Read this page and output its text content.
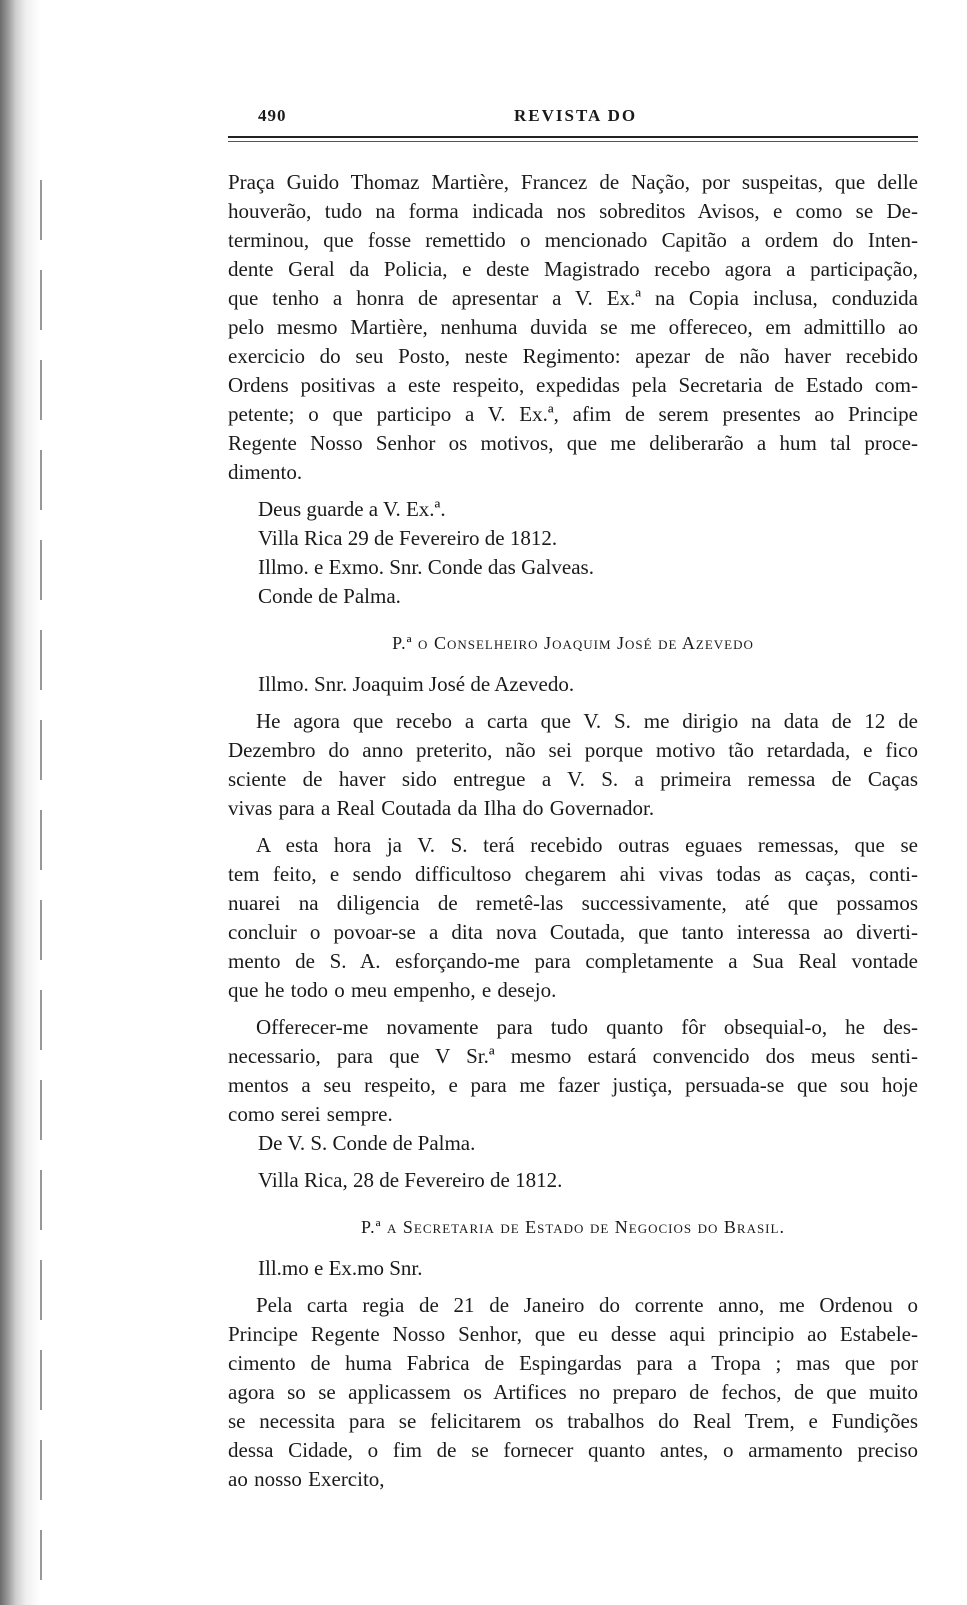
490	REVISTA DO

Praça Guido Thomaz Martière, Francez de Nação, por suspeitas, que delle

houverão, tudo na forma indicada nos sobreditos Avisos, e como se De-

terminou, que fosse remettido o mencionado Capitão a ordem do Inten-

dente Geral da Policia, e deste Magistrado recebo agora a participação,

que tenho a honra de apresentar a V. Ex.ª na Copia inclusa, conduzida

pelo mesmo Martière, nenhuma duvida se me offereceo, em admittillo ao

exercicio do seu Posto, neste Regimento: apezar de não haver recebido

Ordens positivas a este respeito, expedidas pela Secretaria de Estado com-

petente; o que participo a V. Ex.ª, afim de serem presentes ao Principe

Regente Nosso Senhor os motivos, que me deliberarão a hum tal proce-

dimento.

Deus guarde a V. Ex.ª.

Villa Rica 29 de Fevereiro de 1812.

Illmo. e Exmo. Snr. Conde das Galveas.

Conde de Palma.

P.ª o Conselheiro Joaquim José de Azevedo

Illmo. Snr. Joaquim José de Azevedo.

He agora que recebo a carta que V. S. me dirigio na data de 12 de

Dezembro do anno preterito, não sei porque motivo tão retardada, e fico

sciente de haver sido entregue a V. S. a primeira remessa de Caças

vivas para a Real Coutada da Ilha do Governador.

A esta hora ja V. S. terá recebido outras eguaes remessas, que se

tem feito, e sendo difficultoso chegarem ahi vivas todas as caças, conti-

nuarei na diligencia de remetê-las successivamente, até que possamos

concluir o povoar-se a dita nova Coutada, que tanto interessa ao diverti-

mento de S. A. esforçando-me para completamente a Sua Real vontade

que he todo o meu empenho, e desejo.

Offerecer-me novamente para tudo quanto fôr obsequial-o, he des-

necessario, para que V Sr.ª mesmo estará convencido dos meus senti-

mentos a seu respeito, e para me fazer justiça, persuada-se que sou hoje

como serei sempre.

De V. S. Conde de Palma.

Villa Rica, 28 de Fevereiro de 1812.

P.ª a Secretaria de Estado de Negocios do Brasil.

Ill.mo e Ex.mo Snr.

Pela carta regia de 21 de Janeiro do corrente anno, me Ordenou o

Principe Regente Nosso Senhor, que eu desse aqui principio ao Estabele-

cimento de huma Fabrica de Espingardas para a Tropa ; mas que por

agora so se applicassem os Artifices no preparo de fechos, de que muito

se necessita para se felicitarem os trabalhos do Real Trem, e Fundições

dessa Cidade, o fim de se fornecer quanto antes, o armamento preciso

ao nosso Exercito,
